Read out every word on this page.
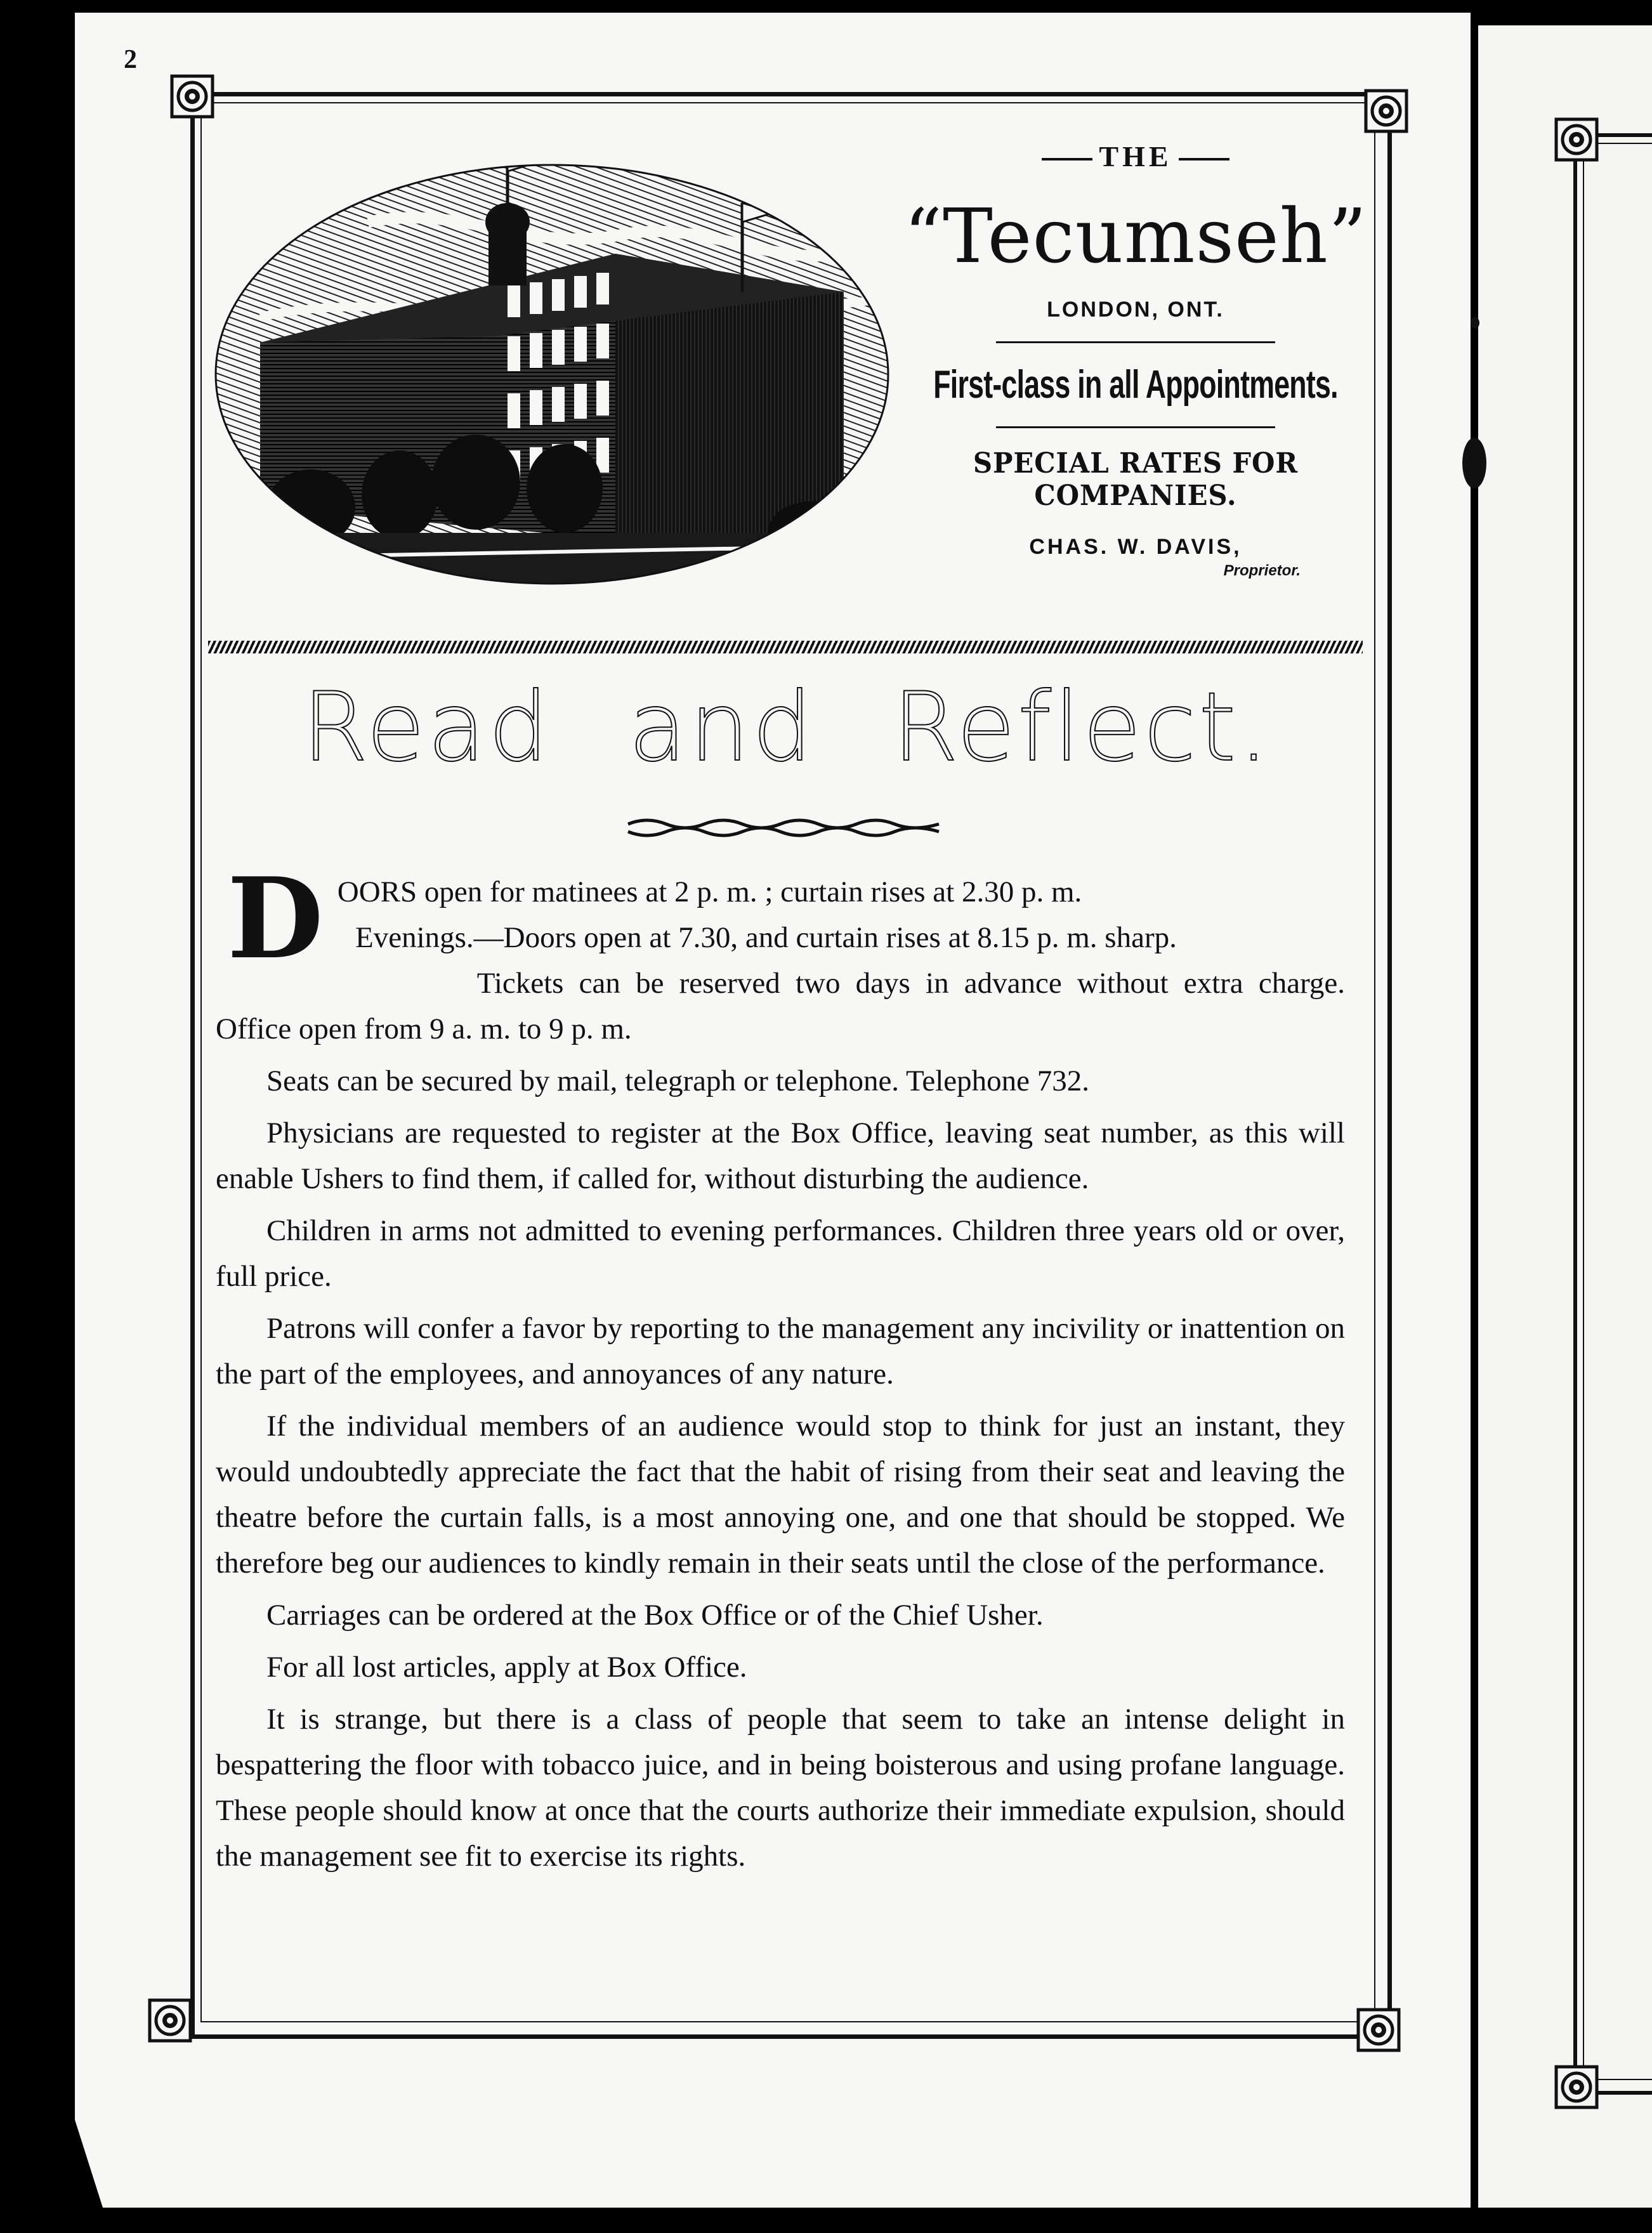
2
THE
“Tecumseh”
LONDON, ONT.
First-class in all Appointments.
SPECIAL RATES FOR COMPANIES.
CHAS. W. DAVIS,
Proprietor.
Read and Reflect.

DOORS open for matinees at 2 p. m. ; curtain rises at 2.30 p. m.
Evenings.—Doors open at 7.30, and curtain rises at 8.15 p. m. sharp.
Tickets can be reserved two days in advance without extra charge. Office open from 9 a. m. to 9 p. m.

Seats can be secured by mail, telegraph or telephone. Telephone 732.

Physicians are requested to register at the Box Office, leaving seat number, as this will enable Ushers to find them, if called for, without disturbing the audience.

Children in arms not admitted to evening performances. Children three years old or over, full price.

Patrons will confer a favor by reporting to the management any incivility or inattention on the part of the employees, and annoyances of any nature.

If the individual members of an audience would stop to think for just an instant, they would undoubtedly appreciate the fact that the habit of rising from their seat and leaving the theatre before the curtain falls, is a most annoying one, and one that should be stopped. We therefore beg our audiences to kindly remain in their seats until the close of the performance.

Carriages can be ordered at the Box Office or of the Chief Usher.

For all lost articles, apply at Box Office.

It is strange, but there is a class of people that seem to take an intense delight in bespattering the floor with tobacco juice, and in being boisterous and using profane language. These people should know at once that the courts authorize their immediate expulsion, should the management see fit to exercise its rights.
